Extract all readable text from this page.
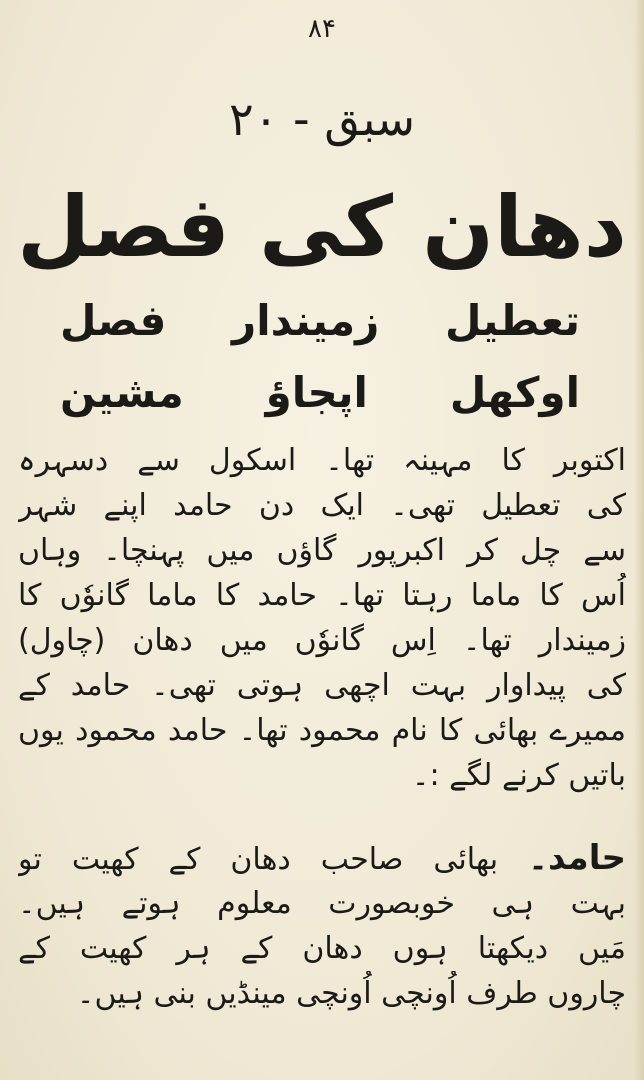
۸۴
سبق - ۲۰
دھان کی فصل
تعطیل
زمیندار
فصل
اوکھل
اپجاؤ
مشین
اکتوبر کا مہینہ تھا۔ اسکول سے دسہرہ
کی تعطیل تھی۔ ایک دن حامد اپنے شہر
سے چل کر اکبرپور گاؤں میں پہنچا۔ وہاں
اُس کا ماما رہتا تھا۔ حامد کا ماما گانوٗں کا
زمیندار تھا۔ اِس گانوٗں میں دھان (چاول)
کی پیداوار بہت اچھی ہوتی تھی۔ حامد کے
ممیرے بھائی کا نام محمود تھا۔ حامد محمود یوں
باتیں کرنے لگے :۔
حامد۔ بھائی صاحب دھان کے کھیت تو
بہت ہی خوبصورت معلوم ہوتے ہیں۔
مَیں دیکھتا ہوں دھان کے ہر کھیت کے
چاروں طرف اُونچی اُونچی مینڈیں بنی ہیں۔
